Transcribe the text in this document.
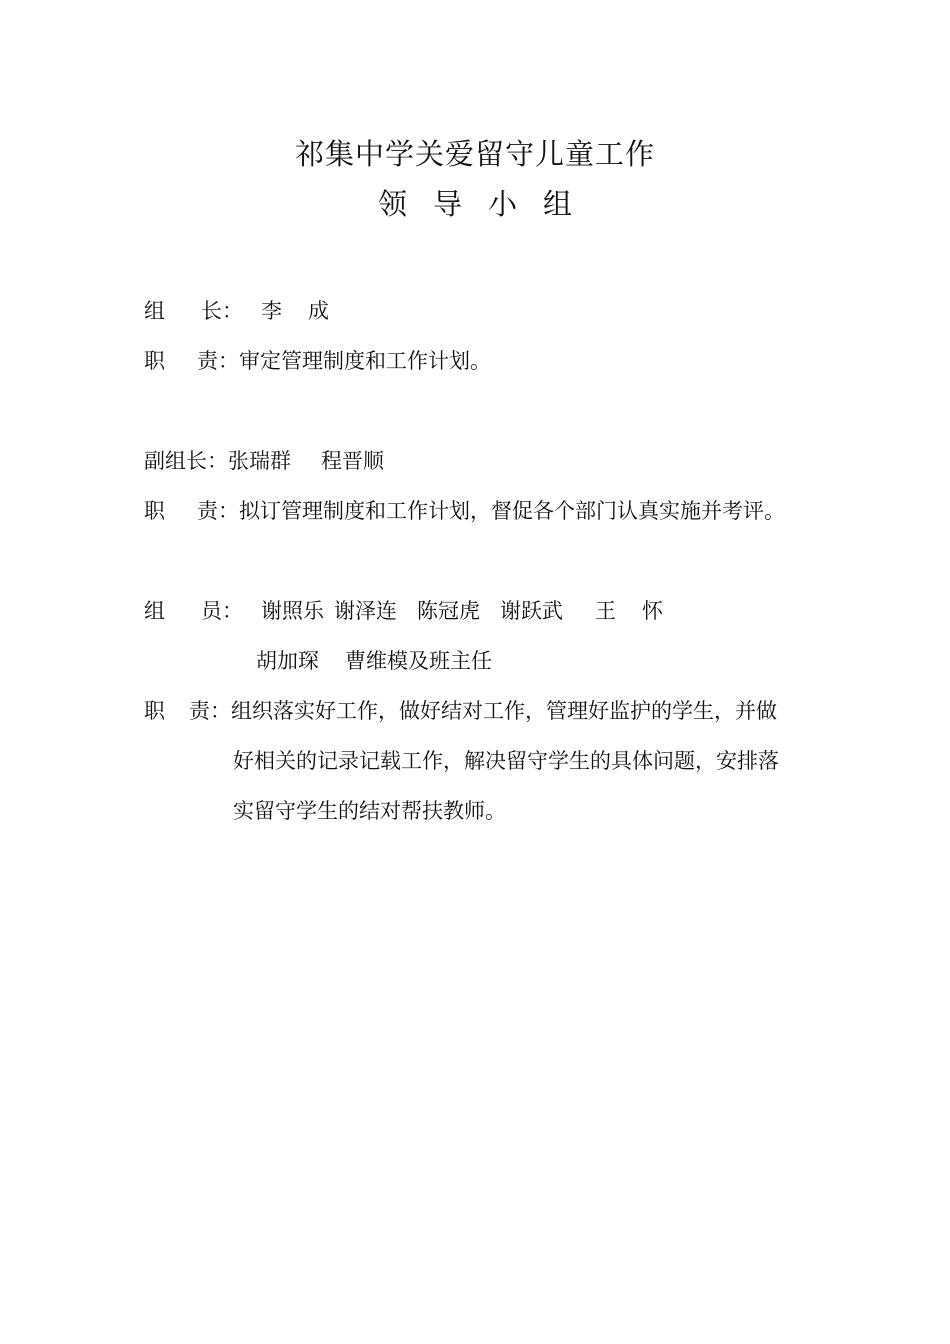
祁集中学关爱留守儿童工作
领导小组
组长： 李 成
职责：审定管理制度和工作计划。
副组长：张瑞群 程晋顺
职责：拟订管理制度和工作计划，督促各个部门认真实施并考评。
组员： 谢照乐 谢泽连 陈冠虎 谢跃武 王 怀
胡加琛 曹维模及班主任
职责：组织落实好工作，做好结对工作，管理好监护的学生，并做
好相关的记录记载工作，解决留守学生的具体问题，安排落
实留守学生的结对帮扶教师。
